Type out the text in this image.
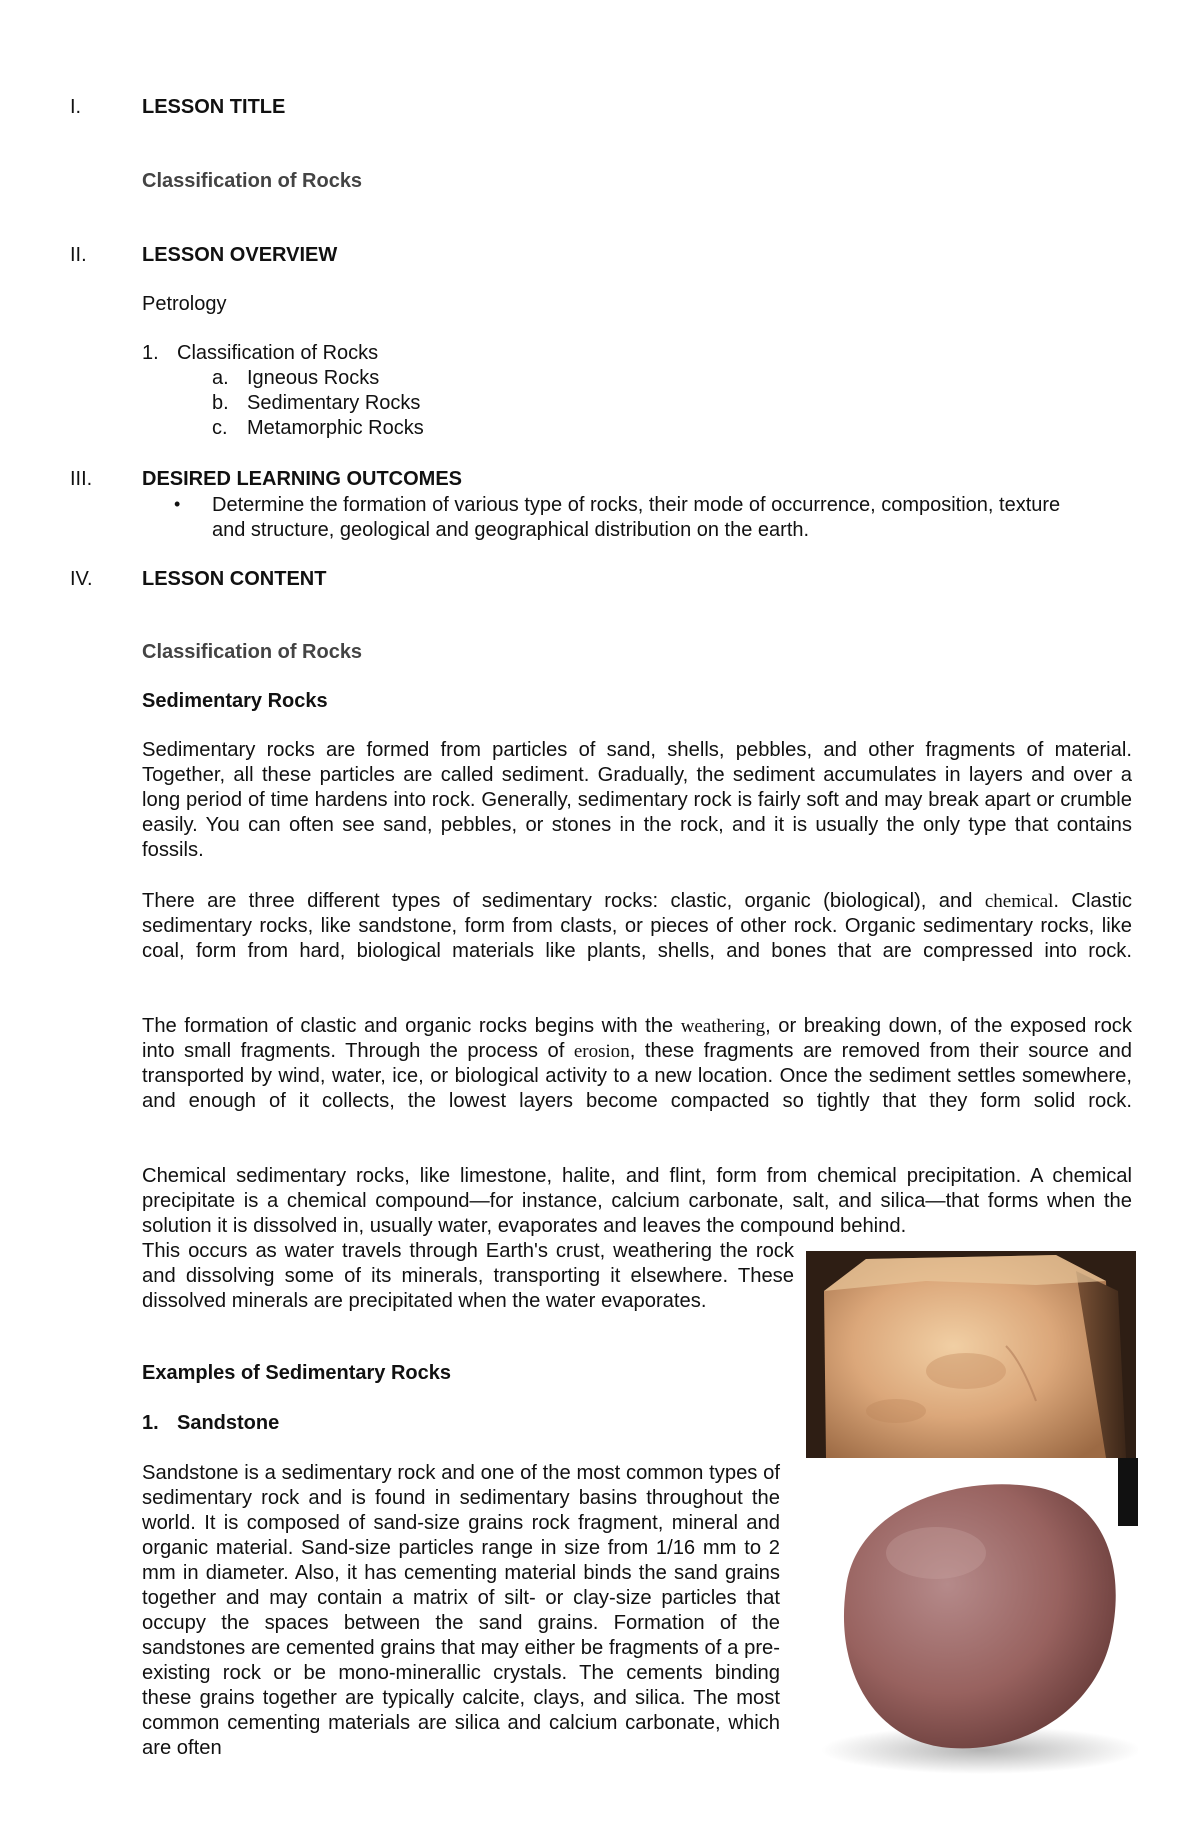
I.	LESSON TITLE
Classification of Rocks
II.	LESSON OVERVIEW
Petrology
1. Classification of Rocks
a. Igneous Rocks
b. Sedimentary Rocks
c. Metamorphic Rocks
III. DESIRED LEARNING OUTCOMES
• Determine the formation of various type of rocks, their mode of occurrence, composition, texture
and structure, geological and geographical distribution on the earth.
IV. LESSON CONTENT
Classification of Rocks
Sedimentary Rocks

Sedimentary rocks are formed from particles of sand, shells, pebbles, and other fragments of material. Together, all these particles are called sediment. Gradually, the sediment accumulates in layers and over a long period of time hardens into rock. Generally, sedimentary rock is fairly soft and may break apart or crumble easily. You can often see sand, pebbles, or stones in the rock, and it is usually the only type that contains fossils.

There are three different types of sedimentary rocks: clastic, organic (biological), and chemical. Clastic sedimentary rocks, like sandstone, form from clasts, or pieces of other rock. Organic sedimentary rocks, like coal, form from hard, biological materials like plants, shells, and bones that are compressed into rock.

The formation of clastic and organic rocks begins with the weathering, or breaking down, of the exposed rock into small fragments. Through the process of erosion, these fragments are removed from their source and transported by wind, water, ice, or biological activity to a new location. Once the sediment settles somewhere, and enough of it collects, the lowest layers become compacted so tightly that they form solid rock.

Chemical sedimentary rocks, like limestone, halite, and flint, form from chemical precipitation. A chemical precipitate is a chemical compound—for instance, calcium carbonate, salt, and silica—that forms when the solution it is dissolved in, usually water, evaporates and leaves the compound behind.

This occurs as water travels through Earth's crust, weathering the rock and dissolving some of its minerals, transporting it elsewhere. These dissolved minerals are precipitated when the water evaporates.

Examples of Sedimentary Rocks
1. Sandstone

Sandstone is a sedimentary rock and one of the most common types of sedimentary rock and is found in sedimentary basins throughout the world. It is composed of sand-size grains rock fragment, mineral and organic material. Sand-size particles range in size from 1/16 mm to 2 mm in diameter. Also, it has cementing material binds the sand grains together and may contain a matrix of silt- or clay-size particles that occupy the spaces between the sand grains. Formation of the sandstones are cemented grains that may either be fragments of a pre-existing rock or be mono-minerallic crystals. The cements binding these grains together are typically calcite, clays, and silica. The most common cementing materials are silica and calcium carbonate, which are often
